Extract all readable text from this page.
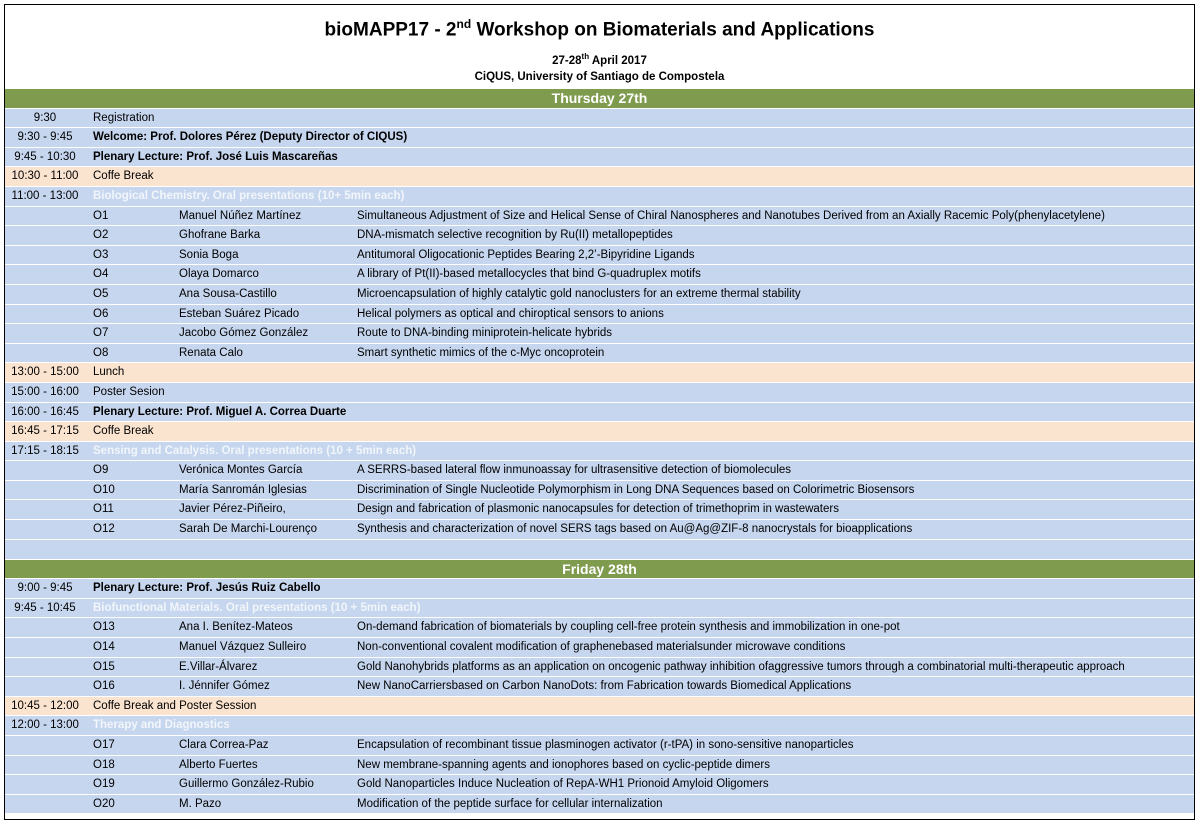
bioMAPP17 - 2nd Workshop on Biomaterials and Applications
27-28th April 2017
CiQUS, University of Santiago de Compostela
Thursday 27th
9:30	Registration
9:30 - 9:45	Welcome: Prof. Dolores Pérez (Deputy Director of CIQUS)
9:45 - 10:30	Plenary Lecture: Prof. José Luis Mascareñas
10:30 - 11:00	Coffe Break
11:00 - 13:00	Biological Chemistry. Oral presentations (10+ 5min each)
O1	Manuel Núñez Martínez	Simultaneous Adjustment of Size and Helical Sense of Chiral Nanospheres and Nanotubes Derived from an Axially Racemic Poly(phenylacetylene)
O2	Ghofrane Barka	DNA-mismatch selective recognition by Ru(II) metallopeptides
O3	Sonia Boga	Antitumoral Oligocationic Peptides Bearing 2,2’-Bipyridine Ligands
O4	Olaya Domarco	A library of Pt(II)-based metallocycles that bind G-quadruplex motifs
O5	Ana Sousa-Castillo	Microencapsulation of highly catalytic gold nanoclusters for an extreme thermal stability
O6	Esteban Suárez Picado	Helical polymers as optical and chiroptical sensors to anions
O7	Jacobo Gómez González	Route to DNA-binding miniprotein-helicate hybrids
O8	Renata Calo	Smart synthetic mimics of the c-Myc oncoprotein
13:00 - 15:00	Lunch
15:00 - 16:00	Poster Sesion
16:00 - 16:45	Plenary Lecture: Prof. Miguel A. Correa Duarte
16:45 - 17:15	Coffe Break
17:15 - 18:15	Sensing and Catalysis. Oral presentations (10 + 5min each)
O9	Verónica Montes García	A SERRS-based lateral flow inmunoassay for ultrasensitive detection of biomolecules
O10	María Sanromán Iglesias	Discrimination of Single Nucleotide Polymorphism in Long DNA Sequences based on Colorimetric Biosensors
O11	Javier Pérez-Piñeiro,	Design and fabrication of plasmonic nanocapsules for detection of trimethoprim in wastewaters
O12	Sarah De Marchi-Lourenço	Synthesis and characterization of novel SERS tags based on Au@Ag@ZIF-8 nanocrystals for bioapplications
Friday 28th
9:00 - 9:45	Plenary Lecture: Prof. Jesús Ruiz Cabello
9:45 - 10:45	Biofunctional Materials. Oral presentations (10 + 5min each)
O13	Ana I. Benítez-Mateos	On-demand fabrication of biomaterials by coupling cell-free protein synthesis and immobilization in one-pot
O14	Manuel Vázquez Sulleiro	Non-conventional covalent modification of graphenebased materialsunder microwave conditions
O15	E.Villar-Álvarez	Gold Nanohybrids platforms as an application on oncogenic pathway inhibition ofaggressive tumors through a combinatorial multi-therapeutic approach
O16	I. Jénnifer Gómez	New NanoCarriersbased on Carbon NanoDots: from Fabrication towards Biomedical Applications
10:45 - 12:00	Coffe Break and Poster Session
12:00 - 13:00	Therapy and Diagnostics
O17	Clara Correa-Paz	Encapsulation of recombinant tissue plasminogen activator (r-tPA) in sono-sensitive nanoparticles
O18	Alberto Fuertes	New membrane-spanning agents and ionophores based on cyclic-peptide dimers
O19	Guillermo González-Rubio	Gold Nanoparticles Induce Nucleation of RepA-WH1 Prionoid Amyloid Oligomers
O20	M. Pazo	Modification of the peptide surface for cellular internalization
